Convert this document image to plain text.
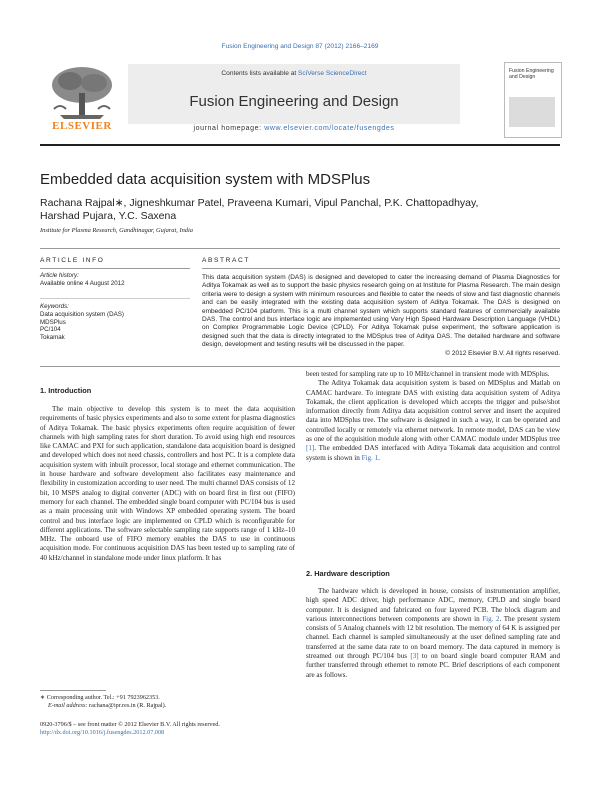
Fusion Engineering and Design 87 (2012) 2166–2169
Contents lists available at SciVerse ScienceDirect
Fusion Engineering and Design
journal homepage: www.elsevier.com/locate/fusengdes
ELSEVIER
Fusion Engineering and Design
Embedded data acquisition system with MDSPlus
Rachana Rajpal∗, Jigneshkumar Patel, Praveena Kumari, Vipul Panchal, P.K. Chattopadhyay,
Harshad Pujara, Y.C. Saxena
Institute for Plasma Research, Gandhinagar, Gujarat, India
ARTICLE INFO	ABSTRACT
Article history:
Available online 4 August 2012
Keywords:
Data acquisition system (DAS)
MDSPlus
PC/104
Tokamak
This data acquisition system (DAS) is designed and developed to cater the increasing demand of Plasma Diagnostics for Aditya Tokamak as well as to support the basic physics research going on at Institute for Plasma Research. The main design criteria were to design a system with minimum resources and flexible to cater the needs of slow and fast diagnostic channels and can be easily integrated with the existing data acquisition system of Aditya Tokamak. The DAS is designed on embedded PC/104 platform. This is a multi channel system which supports standard features of commercially available DAS. The control and bus interface logic are implemented using Very High Speed Hardware Description Language (VHDL) on Complex Programmable Logic Device (CPLD). For Aditya Tokamak pulse experiment, the software application is designed such that the data is directly integrated to the MDSplus tree of Aditya DAS. The detailed hardware and software design, development and testing results will be discussed in the paper.
© 2012 Elsevier B.V. All rights reserved.
1. Introduction

The main objective to develop this system is to meet the data acquisition requirements of basic physics experiments and also to some extent for plasma diagnostics of Aditya Tokamak. The basic physics experiments often require acquisition of fewer channels with high sampling rates for short duration. To avoid using high end resources like CAMAC and PXI for such application, standalone data acquisition board is designed and developed which does not need chassis, controllers and host PC. It is a complete data acquisition system with inbuilt processor, local storage and ethernet communication. The in house hardware and software development also facilitates easy maintenance and flexibility in customization according to user need. The multi channel DAS consists of 12 bit, 10 MSPS analog to digital converter (ADC) with on board first in first out (FIFO) memory for each channel. The embedded single board computer with PC/104 bus is used as a main processing unit with Windows XP embedded operating system. The board control and bus interface logic are implemented on CPLD which is reconfigurable for different applications. The software selectable sampling rate supports range of 1 kHz–10 MHz. The onboard use of FIFO memory enables the DAS to use in continuous acquisition mode. For continuous acquisition DAS has been tested up to sampling rate of 40 kHz/channel in standalone mode under linux platform. It has

been tested for sampling rate up to 10 MHz/channel in transient mode with MDSplus.

The Aditya Tokamak data acquisition system is based on MDSplus and Matlab on CAMAC hardware. To integrate DAS with existing data acquisition system of Aditya Tokamak, the client application is developed which accepts the trigger and pulse/shot information directly from Aditya data acquisition control server and insert the acquired data into MDSplus tree. The software is designed in such a way, it can be operated and controlled locally or remotely via ethernet network. In remote model, DAS can be view as one of the acquisition module along with other CAMAC module under MDSplus tree [1]. The embedded DAS interfaced with Aditya Tokamak data acquisition and control system is shown in Fig. 1.

2. Hardware description

The hardware which is developed in house, consists of instrumentation amplifier, high speed ADC driver, high performance ADC, memory, CPLD and single board computer. It is designed and fabricated on four layered PCB. The block diagram and various interconnections between components are shown in Fig. 2. The present system consists of 5 Analog channels with 12 bit resolution. The memory of 64 K is assigned per channel. Each channel is sampled simultaneously at the user defined sampling rate and transferred at the same data rate to on board memory. The data captured in memory is streamed out through PC/104 bus [3] to on board single board computer RAM and further transferred through ethernet to remote PC. Brief descriptions of each component are as follows.

∗ Corresponding author. Tel.: +91 7923962353.
E-mail address: rachana@ipr.res.in (R. Rajpal).
0920-3796/$ – see front matter © 2012 Elsevier B.V. All rights reserved.
http://dx.doi.org/10.1016/j.fusengdes.2012.07.008
